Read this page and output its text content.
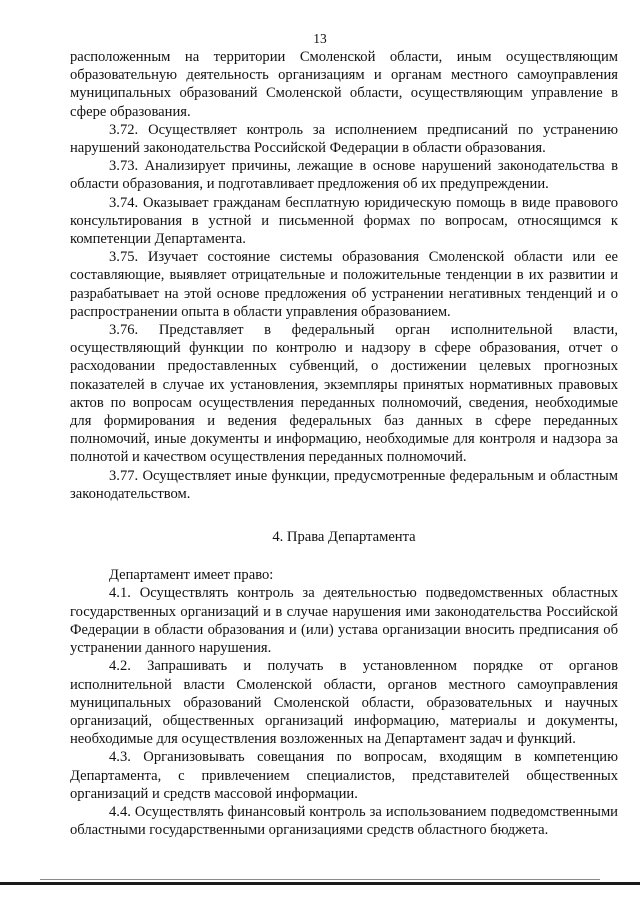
13

расположенным на территории Смоленской области, иным осуществляющим образовательную деятельность организациям и органам местного самоуправления муниципальных образований Смоленской области, осуществляющим управление в сфере образования.

3.72. Осуществляет контроль за исполнением предписаний по устранению нарушений законодательства Российской Федерации в области образования.

3.73. Анализирует причины, лежащие в основе нарушений законодательства в области образования, и подготавливает предложения об их предупреждении.

3.74. Оказывает гражданам бесплатную юридическую помощь в виде правового консультирования в устной и письменной формах по вопросам, относящимся к компетенции Департамента.

3.75. Изучает состояние системы образования Смоленской области или ее составляющие, выявляет отрицательные и положительные тенденции в их развитии и разрабатывает на этой основе предложения об устранении негативных тенденций и о распространении опыта в области управления образованием.

3.76. Представляет в федеральный орган исполнительной власти, осуществляющий функции по контролю и надзору в сфере образования, отчет о расходовании предоставленных субвенций, о достижении целевых прогнозных показателей в случае их установления, экземпляры принятых нормативных правовых актов по вопросам осуществления переданных полномочий, сведения, необходимые для формирования и ведения федеральных баз данных в сфере переданных полномочий, иные документы и информацию, необходимые для контроля и надзора за полнотой и качеством осуществления переданных полномочий.

3.77. Осуществляет иные функции, предусмотренные федеральным и областным законодательством.

4. Права Департамента

Департамент имеет право:

4.1. Осуществлять контроль за деятельностью подведомственных областных государственных организаций и в случае нарушения ими законодательства Российской Федерации в области образования и (или) устава организации вносить предписания об устранении данного нарушения.

4.2. Запрашивать и получать в установленном порядке от органов исполнительной власти Смоленской области, органов местного самоуправления муниципальных образований Смоленской области, образовательных и научных организаций, общественных организаций информацию, материалы и документы, необходимые для осуществления возложенных на Департамент задач и функций.

4.3. Организовывать совещания по вопросам, входящим в компетенцию Департамента, с привлечением специалистов, представителей общественных организаций и средств массовой информации.

4.4. Осуществлять финансовый контроль за использованием подведомственными областными государственными организациями средств областного бюджета.
